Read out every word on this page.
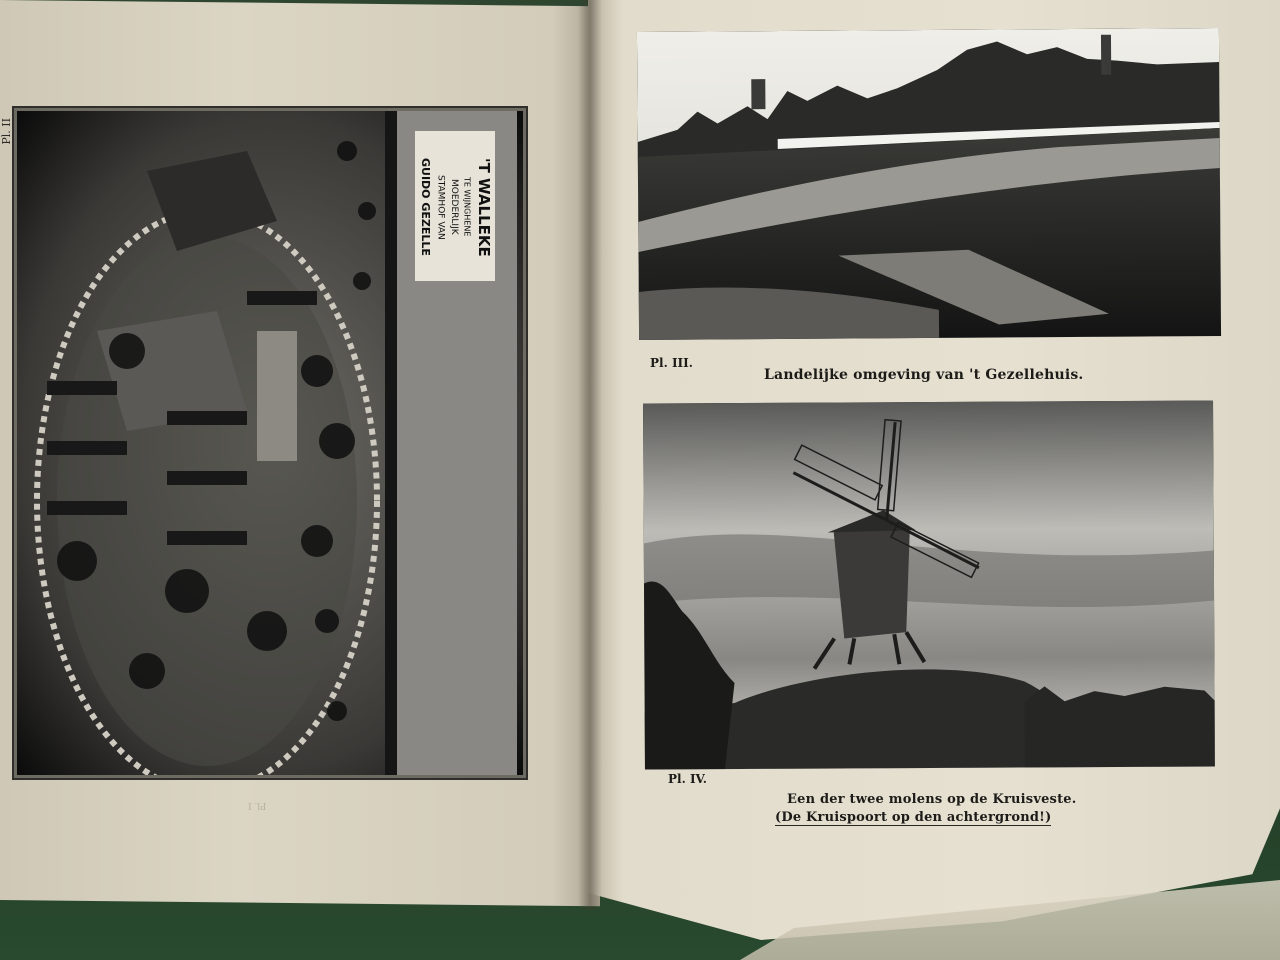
Pl. II
'T WALLEKE
TE WIJNGHENE
MOEDERLIJK
STAMHOF VAN
GUIDO GEZELLE
Pl. I
Pl. III.
Landelijke omgeving van 't Gezellehuis.
Pl. IV.
Een der twee molens op de Kruisveste.
(De Kruispoort op den achtergrond!)
